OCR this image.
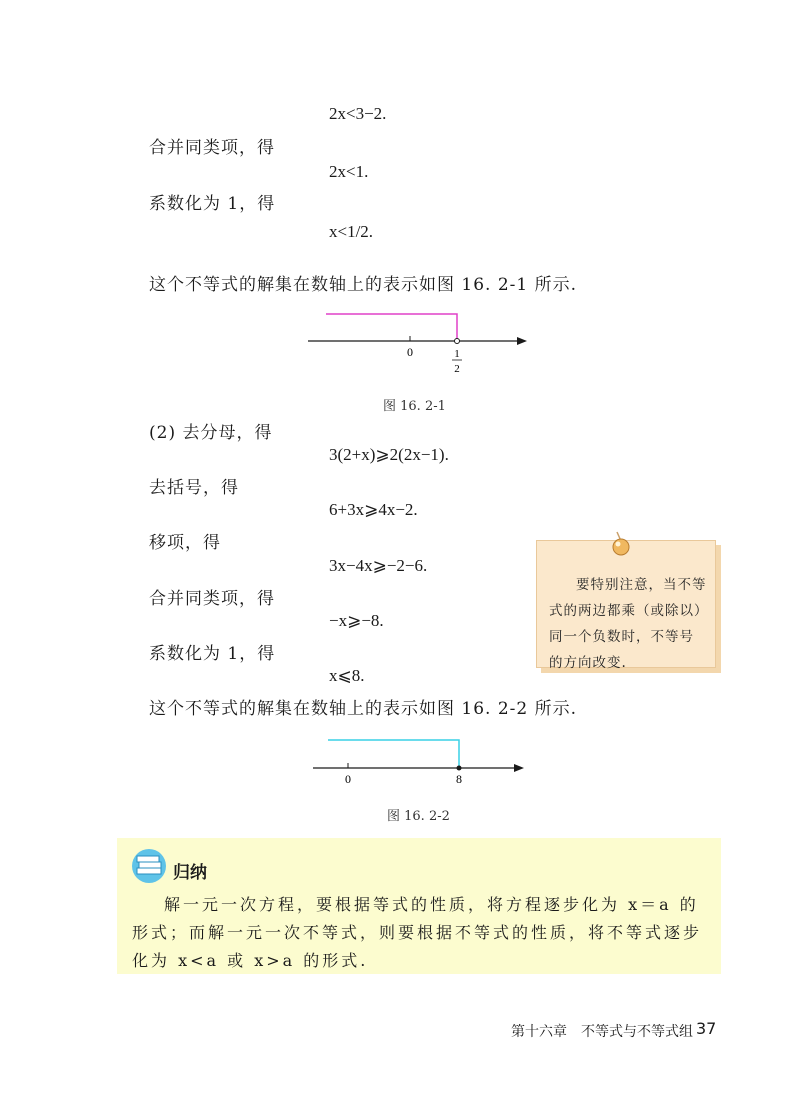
2x<3−2.
合并同类项，得
2x<1.
系数化为 1，得
x<1/2.
这个不等式的解集在数轴上的表示如图 16. 2-1 所示.
0	1
2
图 16. 2-1
(2) 去分母，得
3(2+x)⩾2(2x−1).
去括号，得
6+3x⩾4x−2.
移项，得
3x−4x⩾−2−6.
合并同类项，得
−x⩾−8.
系数化为 1，得
x⩽8.
这个不等式的解集在数轴上的表示如图 16. 2-2 所示.
要特别注意，当不等式的两边都乘（或除以）同一个负数时，不等号的方向改变.
0	8
图 16. 2-2
归纳
解一元一次方程，要根据等式的性质，将方程逐步化为 x＝a 的形式；而解一元一次不等式，则要根据不等式的性质，将不等式逐步化为 x<a 或 x>a 的形式.
第十六章　不等式与不等式组 37
